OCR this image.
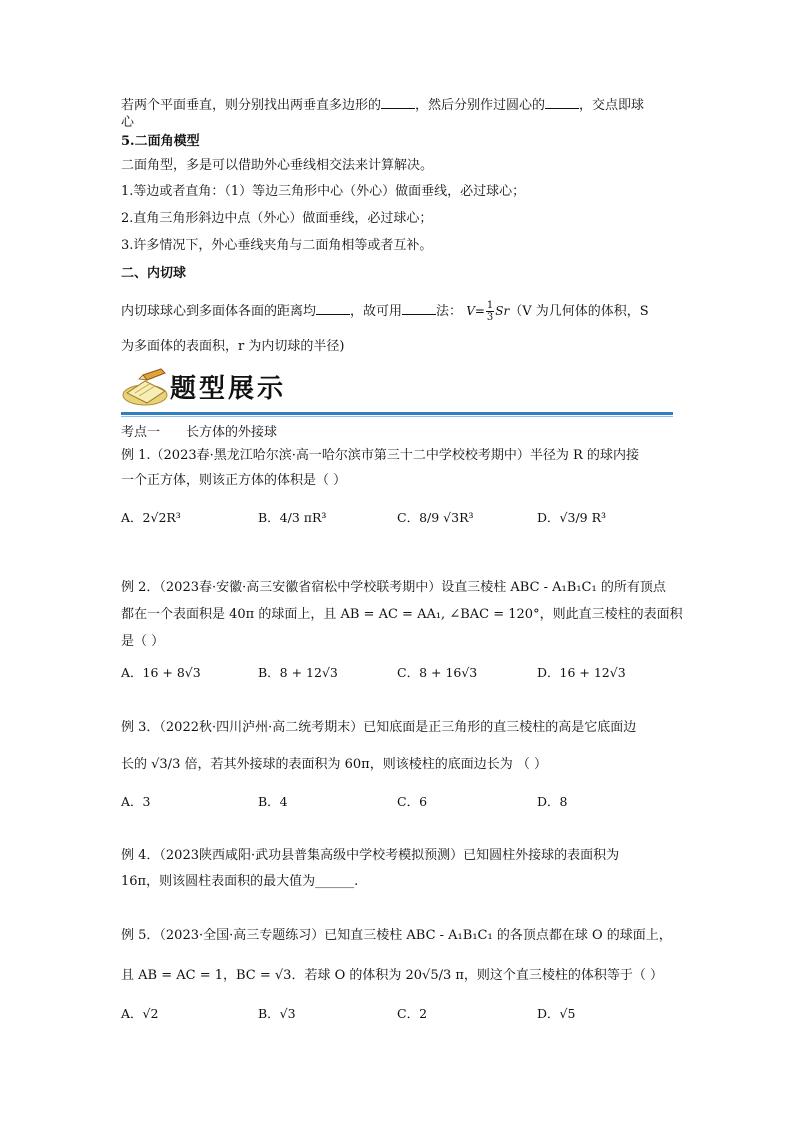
若两个平面垂直，则分别找出两垂直多边形的	，然后分别作过圆心的	，交点即球
心
5.二面角模型
二面角型，多是可以借助外心垂线相交法来计算解决。
1.等边或者直角：（1）等边三角形中心（外心）做面垂线，必过球心；
2.直角三角形斜边中点（外心）做面垂线，必过球心；
3.许多情况下，外心垂线夹角与二面角相等或者互补。
二、内切球
内切球球心到多面体各面的距离均	，故可用	法： $V= \frac{1}{3} Sr(V$ 为几何体的体积，S
为多面体的表面积，r 为内切球的半径)
题型展示
考点一 长方体的外接球
例 1.（2023春·黑龙江哈尔滨·高一哈尔滨市第三十二中学校校考期中）半径为 R 的球内接
一个正方体，则该正方体的体积是（ ）
A．2√2R³	B．4/3 πR³	C．8/9 √3R³	D．√3/9 R³
例 2．（2023春·安徽·高三安徽省宿松中学校联考期中）设直三棱柱 ABC - A₁B₁C₁ 的所有顶点
都在一个表面积是 40π 的球面上，且 AB = AC = AA₁, ∠BAC = 120°，则此直三棱柱的表面积
是（ ）
A．16 + 8√3	B．8 + 12√3	C．8 + 16√3	D．16 + 12√3
例 3．（2022秋·四川泸州·高二统考期末）已知底面是正三角形的直三棱柱的高是它底面边
长的 √3/3 倍，若其外接球的表面积为 60π，则该棱柱的底面边长为 （ ）
A．3	B．4	C．6	D．8
例 4．（2023陕西咸阳·武功县普集高级中学校考模拟预测）已知圆柱外接球的表面积为
16π，则该圆柱表面积的最大值为______.
例 5．（2023·全国·高三专题练习）已知直三棱柱 ABC - A₁B₁C₁ 的各顶点都在球 O 的球面上，
且 AB = AC = 1，BC = √3．若球 O 的体积为 20√5/3 π，则这个直三棱柱的体积等于（ ）
A．√2	B．√3	C．2	D．√5
